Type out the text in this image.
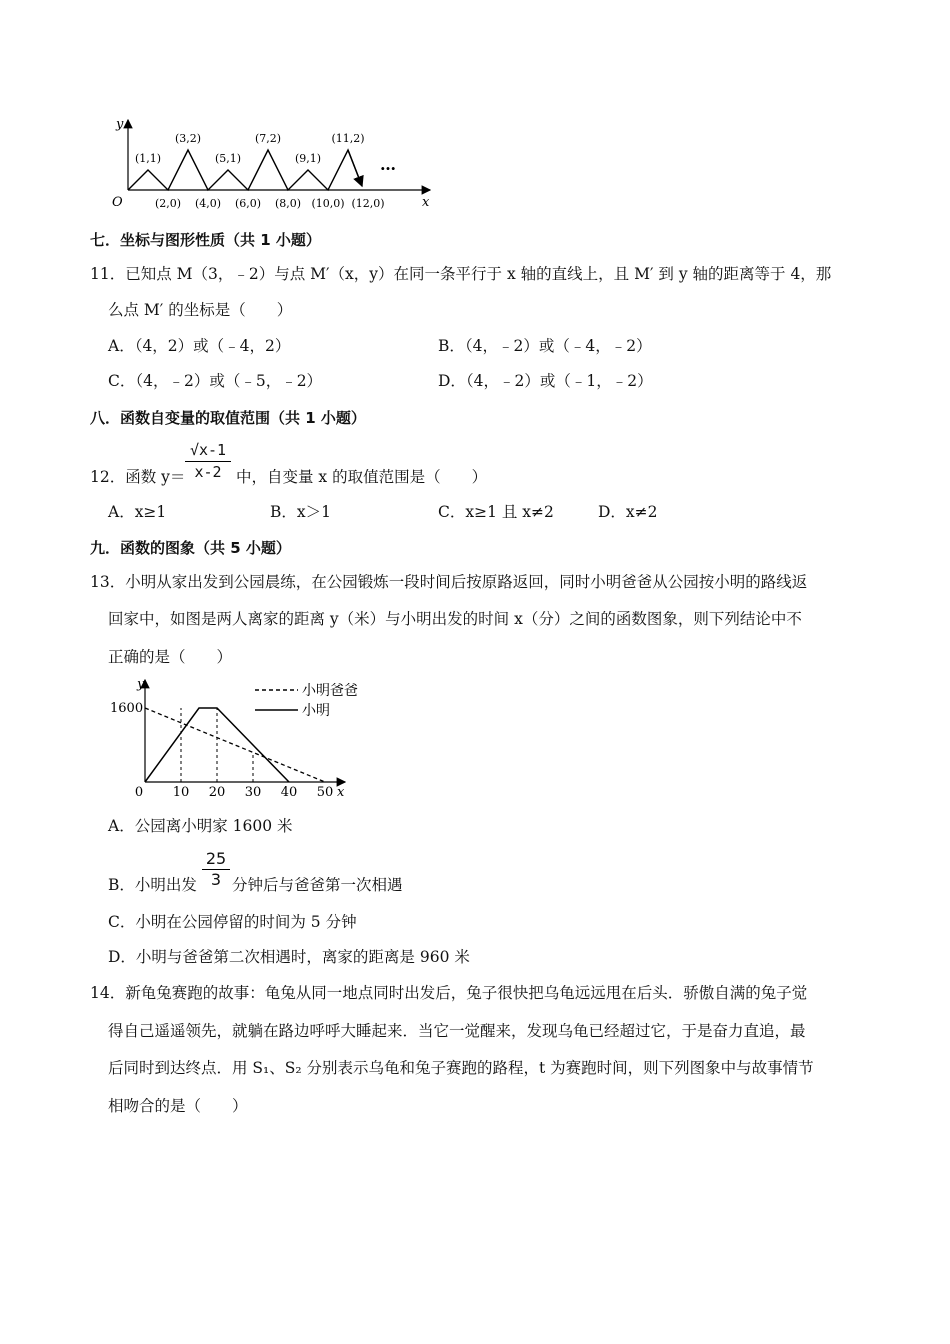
y
x
O
(1,1)
(3,2)
(5,1)
(7,2)
(9,1)
(11,2)
(2,0) (4,0) (6,0) (8,0) (10,0) (12,0)
…
七．坐标与图形性质（共 1 小题）
11．已知点 M（3，﹣2）与点 M′（x，y）在同一条平行于 x 轴的直线上，且 M′ 到 y 轴的距离等于 4，那
么点 M′ 的坐标是（　　）
A．（4，2）或（﹣4，2）	B．（4，﹣2）或（﹣4，﹣2）
C．（4，﹣2）或（﹣5，﹣2）	D．（4，﹣2）或（﹣1，﹣2）
八．函数自变量的取值范围（共 1 小题）
12．函数 y＝
√x-1
x-2 中，自变量 x 的取值范围是（　　）
A．x≥1	B．x＞1	C．x≥1 且 x≠2	D．x≠2
九．函数的图象（共 5 小题）
13．小明从家出发到公园晨练，在公园锻炼一段时间后按原路返回，同时小明爸爸从公园按小明的路线返
回家中，如图是两人离家的距离 y（米）与小明出发的时间 x（分）之间的函数图象，则下列结论中不
正确的是（　　）
y
x
1600
0 10 20 30 40 50
小明爸爸
小明
A．公园离小明家 1600 米
B．小明出发
25
3 分钟后与爸爸第一次相遇
C．小明在公园停留的时间为 5 分钟
D．小明与爸爸第二次相遇时，离家的距离是 960 米
14．新龟兔赛跑的故事：龟兔从同一地点同时出发后，兔子很快把乌龟远远甩在后头．骄傲自满的兔子觉
得自己遥遥领先，就躺在路边呼呼大睡起来．当它一觉醒来，发现乌龟已经超过它，于是奋力直追，最
后同时到达终点．用 S₁、S₂ 分别表示乌龟和兔子赛跑的路程，t 为赛跑时间，则下列图象中与故事情节
相吻合的是（　　）
